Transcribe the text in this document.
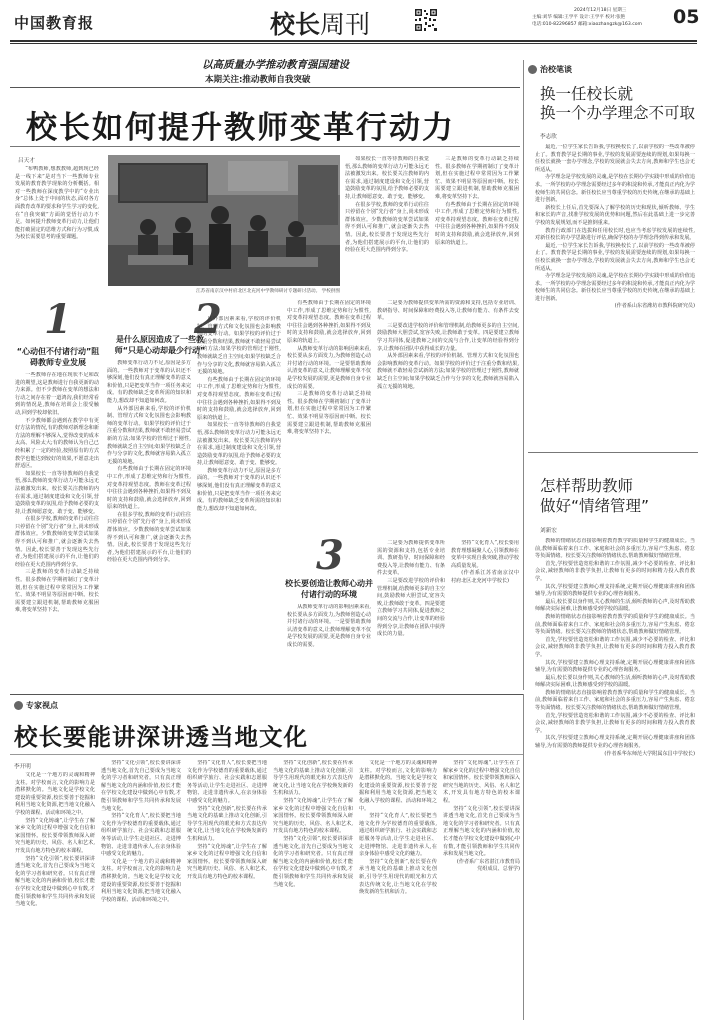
中国教育报	校长周刊	2024年12月18日 星期三
主编:刘华 编辑:王学平 设计:王学平 校对:张艳
电话:010-82296857 邮箱:xiaozhangzk@163.com 05
以高质量办学推动教育强国建设
本期关注:推动教师自我突破
校长如何提升教师变革行动力
吕天才

“布鸭教师,想教教师,超到现已经是一线下来”是对当下一些教师专业发展的教育教学现象的分析概括。相对一些教师在深度教学中的“专业出身”总体上处于中间的状态,面对各方面教育改革的要求和学生学习的变化,在“自我突破”方面的觉悟行动力不足。如何提升教师变革行动力,让他们能打破固定的思维方式和行为习惯,成为校长需要思考的重要课题。

江苏省南京汉中村府北区北充河中学教师研讨专题研讨活动。 学校供图

如果校长一直等待教师的自我觉悟,那么教师的变革行动力可能永远无法被激发出来。校长要关注教师的内在需求,通过制度建设和文化引领,营造鼓励变革的氛围,给予教师必要的支持,让教师愿意变、敢于变、能够变。

在很多学校,教师的变革行动往往只停留在个别“先行者”身上,尚未形成群体效应。少数教师的变革尝试如果得不到认可和推广,就会逐渐失去热情。因此,校长要善于发现这些先行者,为他们搭建展示的平台,让他们的经验在更大范围内得到分享。

三是教师的变革行动缺乏持续性。很多教师在学期初制订了变革计划,但在实施过程中常常因为工作繁忙、效果不明显等原因而中断。校长需要建立跟进机制,帮助教师克服困难,将变革坚持下去。

有些教师由于长期在固定的环境中工作,形成了思维定势和行为惯性,对变革持观望态度。教师在变革过程中往往会遇到各种挫折,如果得不到及时的支持和鼓励,就会选择放弃,回到原来的轨道上。

1
“心动但不付诸行动”阻碍教师专业发展

一些教师存在地在现状不足和改进的期望,这是教师进行自我更新的动力来源。但不少教师在变革的想法和行动之间存在着一道鸿沟,我们经常看到的情况是,教师在培训会上很受触动,回到学校却依旧。

不少教师都会遇到在教学中有更好方法的情况,有的教师对新理念和新方法的理解不够深入,觉得改变的成本太高、风险太大;有的教师认为自己已经积累了一定的经验,按照原有的方式教学也能达到较好的效果,不愿意走出舒适区。

如果校长一直等待教师的自我觉悟,那么教师的变革行动力可能永远无法被激发出来。校长要关注教师的内在需求,通过制度建设和文化引领,营造鼓励变革的氛围,给予教师必要的支持,让教师愿意变、敢于变、能够变。

在很多学校,教师的变革行动往往只停留在个别“先行者”身上,尚未形成群体效应。少数教师的变革尝试如果得不到认可和推广,就会逐渐失去热情。因此,校长要善于发现这些先行者,为他们搭建展示的平台,让他们的经验在更大范围内得到分享。

三是教师的变革行动缺乏持续性。很多教师在学期初制订了变革计划,但在实施过程中常常因为工作繁忙、效果不明显等原因而中断。校长需要建立跟进机制,帮助教师克服困难,将变革坚持下去。

2
是什么原因造成了一些教师“只是心动却最少行动”

教师变革行动力不足,原因是多方面的。一些教师对于变革的认识还不够深刻,他们没有真正理解变革的意义和价值,只是把变革当作一项任务来完成。有的教师缺乏变革所需的知识和能力,想改却不知道如何改。

从外部因素来看,学校的评价机制、管理方式和文化氛围也会影响教师的变革行动。如果学校的评价过于注重分数和结果,教师就不敢轻易尝试新的方法;如果学校的管理过于刚性,教师就缺乏自主空间;如果学校缺乏合作与分享的文化,教师就容易陷入孤立无援的境地。

有些教师由于长期在固定的环境中工作,形成了思维定势和行为惯性,对变革持观望态度。教师在变革过程中往往会遇到各种挫折,如果得不到及时的支持和鼓励,就会选择放弃,回到原来的轨道上。

在很多学校,教师的变革行动往往只停留在个别“先行者”身上,尚未形成群体效应。少数教师的变革尝试如果得不到认可和推广,就会逐渐失去热情。因此,校长要善于发现这些先行者,为他们搭建展示的平台,让他们的经验在更大范围内得到分享。

从外部因素来看,学校的评价机制、管理方式和文化氛围也会影响教师的变革行动。如果学校的评价过于注重分数和结果,教师就不敢轻易尝试新的方法;如果学校的管理过于刚性,教师就缺乏自主空间;如果学校缺乏合作与分享的文化,教师就容易陷入孤立无援的境地。

有些教师由于长期在固定的环境中工作,形成了思维定势和行为惯性,对变革持观望态度。教师在变革过程中往往会遇到各种挫折,如果得不到及时的支持和鼓励,就会选择放弃,回到原来的轨道上。

如果校长一直等待教师的自我觉悟,那么教师的变革行动力可能永远无法被激发出来。校长要关注教师的内在需求,通过制度建设和文化引领,营造鼓励变革的氛围,给予教师必要的支持,让教师愿意变、敢于变、能够变。

教师变革行动力不足,原因是多方面的。一些教师对于变革的认识还不够深刻,他们没有真正理解变革的意义和价值,只是把变革当作一项任务来完成。有的教师缺乏变革所需的知识和能力,想改却不知道如何改。

有些教师由于长期在固定的环境中工作,形成了思维定势和行为惯性,对变革持观望态度。教师在变革过程中往往会遇到各种挫折,如果得不到及时的支持和鼓励,就会选择放弃,回到原来的轨道上。

从教师变革行动的影响因素来看,校长要从多方面发力,为教师创造心动并付诸行动的环境。一是要帮助教师认清变革的意义,让教师理解变革不仅是学校发展的需要,更是教师自身专业成长的需要。

三是教师的变革行动缺乏持续性。很多教师在学期初制订了变革计划,但在实施过程中常常因为工作繁忙、效果不明显等原因而中断。校长需要建立跟进机制,帮助教师克服困难,将变革坚持下去。

二是要为教师提供变革所需的资源和支持,包括专业培训、教研指导、时间保障和经费投入等,让教师有能力、有条件去变革。

三是要改进学校的评价和管理机制,给教师更多的自主空间,鼓励教师大胆尝试,宽容失败,让教师敢于变革。四是要建立教师学习共同体,促进教师之间的交流与合作,让变革的经验得到分享,让教师在团队中获得成长的力量。

从外部因素来看,学校的评价机制、管理方式和文化氛围也会影响教师的变革行动。如果学校的评价过于注重分数和结果,教师就不敢轻易尝试新的方法;如果学校的管理过于刚性,教师就缺乏自主空间;如果学校缺乏合作与分享的文化,教师就容易陷入孤立无援的境地。

3
校长要创造让教师心动并付诸行动的环境

从教师变革行动的影响因素来看,校长要从多方面发力,为教师创造心动并付诸行动的环境。一是要帮助教师认清变革的意义,让教师理解变革不仅是学校发展的需要,更是教师自身专业成长的需要。

二是要为教师提供变革所需的资源和支持,包括专业培训、教研指导、时间保障和经费投入等,让教师有能力、有条件去变革。

三是要改进学校的评价和管理机制,给教师更多的自主空间,鼓励教师大胆尝试,宽容失败,让教师敢于变革。四是要建立教师学习共同体,促进教师之间的交流与合作,让变革的经验得到分享,让教师在团队中获得成长的力量。

坚持“文化育人”,校长要用教育理想凝聚人心,引领教师在变革中实现自我突破,推动学校高质量发展。

(作者系江苏省南京汉中村府北区北充河中学校长)

治校笔谈
换一任校长就
换一个办学理念不可取
李志欣

最近,一位学生家长告诉我,学校换校长了,以前学校的一些改革被停止了。教育教学是长期的事业,学校的发展需要连续的规划,如果每换一任校长就换一套办学理念,学校的发展就会失去方向,教师和学生也会无所适从。

办学理念是学校发展的灵魂,是学校在长期办学实践中形成的价值追求。一所学校的办学理念需要经过多年的积淀和传承,才能真正内化为学校师生的共同信念。新任校长应当尊重学校的历史传统,在继承的基础上进行创新。

新校长上任后,首先要深入了解学校的历史和现状,倾听教师、学生和家长的声音,找准学校发展的优势和问题,然后在此基础上进一步完善学校的发展规划,而不是推倒重来。

教育行政部门在选拔和任用校长时,也应当考虑学校发展的连续性,对新任校长的办学思路进行评估,确保学校的办学理念得到传承和发展。

最近,一位学生家长告诉我,学校换校长了,以前学校的一些改革被停止了。教育教学是长期的事业,学校的发展需要连续的规划,如果每换一任校长就换一套办学理念,学校的发展就会失去方向,教师和学生也会无所适从。

办学理念是学校发展的灵魂,是学校在长期办学实践中形成的价值追求。一所学校的办学理念需要经过多年的积淀和传承,才能真正内化为学校师生的共同信念。新任校长应当尊重学校的历史传统,在继承的基础上进行创新。

(作者系山东省潍坊市教科院研究员)

怎样帮助教师
做好“情绪管理”
刘新宏

教师的情绪状态直接影响着教育教学的质量和学生的健康成长。当前,教师面临着来自工作、家庭和社会的多重压力,容易产生焦虑、倦怠等负面情绪。校长要关注教师的情绪状态,帮助教师做好情绪管理。

首先,学校要营造宽松和谐的工作氛围,减少不必要的检查、评比和会议,减轻教师的非教学负担,让教师有更多的时间和精力投入教育教学。

其次,学校要建立教师心理支持系统,定期开展心理健康讲座和团体辅导,为有需要的教师提供专业的心理咨询服务。

最后,校长要以身作则,关心教师的生活,倾听教师的心声,及时帮助教师解决实际困难,让教师感受到学校的温暖。

教师的情绪状态直接影响着教育教学的质量和学生的健康成长。当前,教师面临着来自工作、家庭和社会的多重压力,容易产生焦虑、倦怠等负面情绪。校长要关注教师的情绪状态,帮助教师做好情绪管理。

首先,学校要营造宽松和谐的工作氛围,减少不必要的检查、评比和会议,减轻教师的非教学负担,让教师有更多的时间和精力投入教育教学。

其次,学校要建立教师心理支持系统,定期开展心理健康讲座和团体辅导,为有需要的教师提供专业的心理咨询服务。

最后,校长要以身作则,关心教师的生活,倾听教师的心声,及时帮助教师解决实际困难,让教师感受到学校的温暖。

教师的情绪状态直接影响着教育教学的质量和学生的健康成长。当前,教师面临着来自工作、家庭和社会的多重压力,容易产生焦虑、倦怠等负面情绪。校长要关注教师的情绪状态,帮助教师做好情绪管理。

首先,学校要营造宽松和谐的工作氛围,减少不必要的检查、评比和会议,减轻教师的非教学负担,让教师有更多的时间和精力投入教育教学。

其次,学校要建立教师心理支持系统,定期开展心理健康讲座和团体辅导,为有需要的教师提供专业的心理咨询服务。

(作者系华东师范大学附属东昌中学校长)

专家视点
校长要能讲深讲透当地文化
李开明

文化是一个地方的灵魂和精神支柱。对学校而言,文化的影响力是潜移默化的。当地文化是学校文化建设的重要资源,校长要善于挖掘和利用当地文化资源,把当地文化融入学校的课程、活动和环境之中。

坚持“文化铸魂”,让学生在了解家乡文化的过程中增强文化自信和家国情怀。校长要带领教师深入研究当地的历史、风俗、名人和艺术,开发具有地方特色的校本课程。

坚持“文化引领”,校长要讲深讲透当地文化,首先自己要成为当地文化的学习者和研究者。只有真正理解当地文化的内涵和价值,校长才能在学校文化建设中做到心中有数,才能引领教师和学生共同传承和发展当地文化。

坚持“文化引领”,校长要讲深讲透当地文化,首先自己要成为当地文化的学习者和研究者。只有真正理解当地文化的内涵和价值,校长才能在学校文化建设中做到心中有数,才能引领教师和学生共同传承和发展当地文化。

坚持“文化育人”,校长要把当地文化作为学校德育的重要载体,通过组织研学旅行、社会实践和志愿服务等活动,让学生走进社区、走进博物馆、走进非遗传承人,在亲身体验中感受文化的魅力。

文化是一个地方的灵魂和精神支柱。对学校而言,文化的影响力是潜移默化的。当地文化是学校文化建设的重要资源,校长要善于挖掘和利用当地文化资源,把当地文化融入学校的课程、活动和环境之中。

坚持“文化育人”,校长要把当地文化作为学校德育的重要载体,通过组织研学旅行、社会实践和志愿服务等活动,让学生走进社区、走进博物馆、走进非遗传承人,在亲身体验中感受文化的魅力。

坚持“文化创新”,校长要在传承当地文化的基础上推动文化创新,引导学生用现代的眼光和方式表达传统文化,让当地文化在学校焕发新的生机和活力。

坚持“文化铸魂”,让学生在了解家乡文化的过程中增强文化自信和家国情怀。校长要带领教师深入研究当地的历史、风俗、名人和艺术,开发具有地方特色的校本课程。

坚持“文化创新”,校长要在传承当地文化的基础上推动文化创新,引导学生用现代的眼光和方式表达传统文化,让当地文化在学校焕发新的生机和活力。

坚持“文化铸魂”,让学生在了解家乡文化的过程中增强文化自信和家国情怀。校长要带领教师深入研究当地的历史、风俗、名人和艺术,开发具有地方特色的校本课程。

坚持“文化引领”,校长要讲深讲透当地文化,首先自己要成为当地文化的学习者和研究者。只有真正理解当地文化的内涵和价值,校长才能在学校文化建设中做到心中有数,才能引领教师和学生共同传承和发展当地文化。

文化是一个地方的灵魂和精神支柱。对学校而言,文化的影响力是潜移默化的。当地文化是学校文化建设的重要资源,校长要善于挖掘和利用当地文化资源,把当地文化融入学校的课程、活动和环境之中。

坚持“文化育人”,校长要把当地文化作为学校德育的重要载体,通过组织研学旅行、社会实践和志愿服务等活动,让学生走进社区、走进博物馆、走进非遗传承人,在亲身体验中感受文化的魅力。

坚持“文化创新”,校长要在传承当地文化的基础上推动文化创新,引导学生用现代的眼光和方式表达传统文化,让当地文化在学校焕发新的生机和活力。

坚持“文化铸魂”,让学生在了解家乡文化的过程中增强文化自信和家国情怀。校长要带领教师深入研究当地的历史、风俗、名人和艺术,开发具有地方特色的校本课程。

坚持“文化引领”,校长要讲深讲透当地文化,首先自己要成为当地文化的学习者和研究者。只有真正理解当地文化的内涵和价值,校长才能在学校文化建设中做到心中有数,才能引领教师和学生共同传承和发展当地文化。

(作者系广东省湛江市教育局党组成员、总督学)
